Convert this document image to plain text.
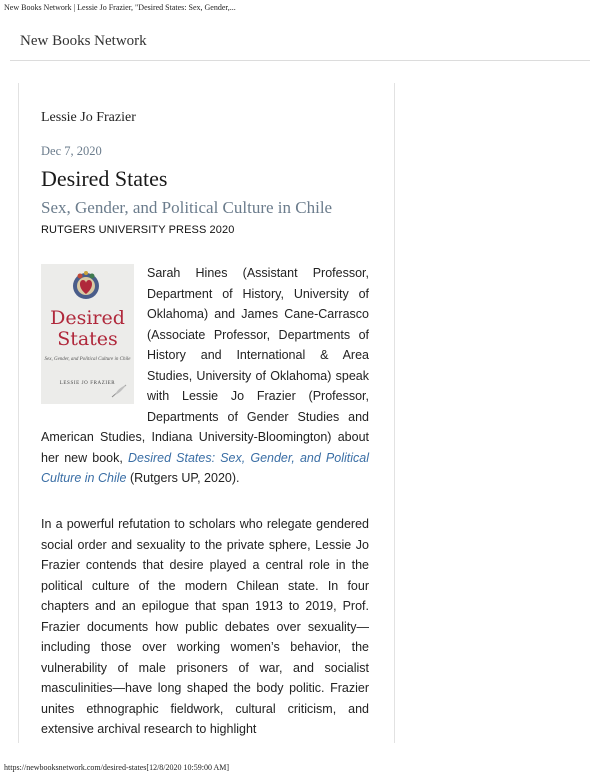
New Books Network | Lessie Jo Frazier, "Desired States: Sex, Gender,...
New Books Network
Lessie Jo Frazier
Dec 7, 2020
Desired States
Sex, Gender, and Political Culture in Chile
RUTGERS UNIVERSITY PRESS 2020
Desired
States
Sex, Gender, and Political Culture in Chile
LESSIE JO FRAZIER

Sarah Hines (Assistant Professor, Department of History, University of Oklahoma) and James Cane-Carrasco (Associate Professor, Departments of History and International & Area Studies, University of Oklahoma) speak with Lessie Jo Frazier (Professor, Departments of Gender Studies and American Studies, Indiana University-Bloomington) about her new book, Desired States: Sex, Gender, and Political Culture in Chile (Rutgers UP, 2020).

In a powerful refutation to scholars who relegate gendered social order and sexuality to the private sphere, Lessie Jo Frazier contends that desire played a central role in the political culture of the modern Chilean state. In four chapters and an epilogue that span 1913 to 2019, Prof. Frazier documents how public debates over sexuality—including those over working women’s behavior, the vulnerability of male prisoners of war, and socialist masculinities—have long shaped the body politic. Frazier unites ethnographic fieldwork, cultural criticism, and extensive archival research to highlight

https://newbooksnetwork.com/desired-states[12/8/2020 10:59:00 AM]
